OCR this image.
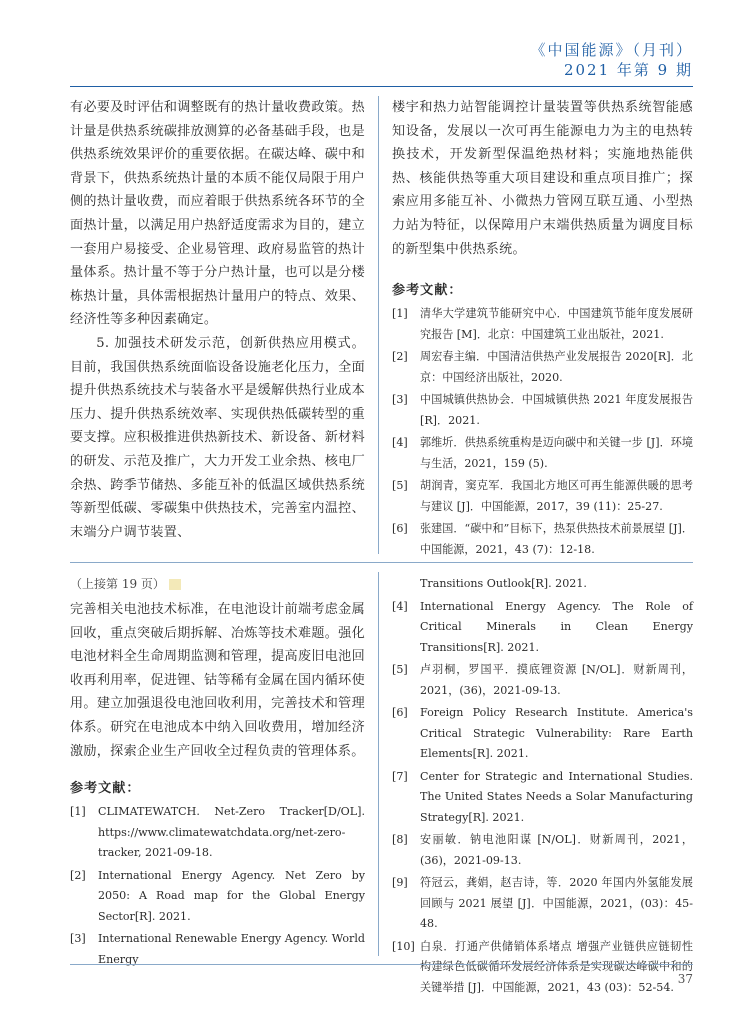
《中国能源》（月刊）
2021 年第 9 期

有必要及时评估和调整既有的热计量收费政策。热计量是供热系统碳排放测算的必备基础手段，也是供热系统效果评价的重要依据。在碳达峰、碳中和背景下，供热系统热计量的本质不能仅局限于用户侧的热计量收费，而应着眼于供热系统各环节的全面热计量，以满足用户热舒适度需求为目的，建立一套用户易接受、企业易管理、政府易监管的热计量体系。热计量不等于分户热计量，也可以是分楼栋热计量，具体需根据热计量用户的特点、效果、经济性等多种因素确定。

5. 加强技术研发示范，创新供热应用模式。目前，我国供热系统面临设备设施老化压力，全面提升供热系统技术与装备水平是缓解供热行业成本压力、提升供热系统效率、实现供热低碳转型的重要支撑。应积极推进供热新技术、新设备、新材料的研发、示范及推广，大力开发工业余热、核电厂余热、跨季节储热、多能互补的低温区域供热系统等新型低碳、零碳集中供热技术，完善室内温控、末端分户调节装置、

楼宇和热力站智能调控计量装置等供热系统智能感知设备，发展以一次可再生能源电力为主的电热转换技术，开发新型保温绝热材料；实施地热能供热、核能供热等重大项目建设和重点项目推广；探索应用多能互补、小微热力管网互联互通、小型热力站为特征，以保障用户末端供热质量为调度目标的新型集中供热系统。

参考文献：
[1]	清华大学建筑节能研究中心．中国建筑节能年度发展研究报告 [M]．北京：中国建筑工业出版社，2021.
[2]	周宏春主编．中国清洁供热产业发展报告 2020[R]．北京：中国经济出版社，2020.
[3]	中国城镇供热协会．中国城镇供热 2021 年度发展报告 [R]．2021.
[4]	郭维圻．供热系统重构是迈向碳中和关键一步 [J]．环境与生活，2021，159 (5).
[5]	胡润青，窦克军．我国北方地区可再生能源供暖的思考与建议 [J]．中国能源，2017，39 (11)：25-27.
[6]	张建国．“碳中和”目标下，热泵供热技术前景展望 [J]．中国能源，2021，43 (7)：12-18.
（上接第 19 页）

完善相关电池技术标准，在电池设计前端考虑金属回收，重点突破后期拆解、冶炼等技术难题。强化电池材料全生命周期监测和管理，提高废旧电池回收再利用率，促进锂、钴等稀有金属在国内循环使用。建立加强退役电池回收利用，完善技术和管理体系。研究在电池成本中纳入回收费用，增加经济激励，探索企业生产回收全过程负责的管理体系。

参考文献：
[1]	CLIMATEWATCH. Net-Zero Tracker[D/OL]. https://www.climatewatchdata.org/net-zero-tracker, 2021-09-18.
[2]	International Energy Agency. Net Zero by 2050: A Road map for the Global Energy Sector[R]. 2021.
[3]	International Renewable Energy Agency. World Energy
Transitions Outlook[R]. 2021.
[4]	International Energy Agency. The Role of Critical Minerals in Clean Energy Transitions[R]. 2021.
[5]	卢羽桐，罗国平．摸底锂资源 [N/OL]．财新周刊，2021，(36)，2021-09-13.
[6]	Foreign Policy Research Institute. America's Critical Strategic Vulnerability: Rare Earth Elements[R]. 2021.
[7]	Center for Strategic and International Studies. The United States Needs a Solar Manufacturing Strategy[R]. 2021.
[8]	安丽敏．钠电池阳谋 [N/OL]．财新周刊，2021，(36)，2021-09-13.
[9]	符冠云，龚娟，赵吉诗，等．2020 年国内外氢能发展回顾与 2021 展望 [J]．中国能源，2021，(03)：45-48.
[10] 白泉．打通产供储销体系堵点 增强产业链供应链韧性 构建绿色低碳循环发展经济体系是实现碳达峰碳中和的关键举措 [J]．中国能源，2021，43 (03)：52-54.
37
